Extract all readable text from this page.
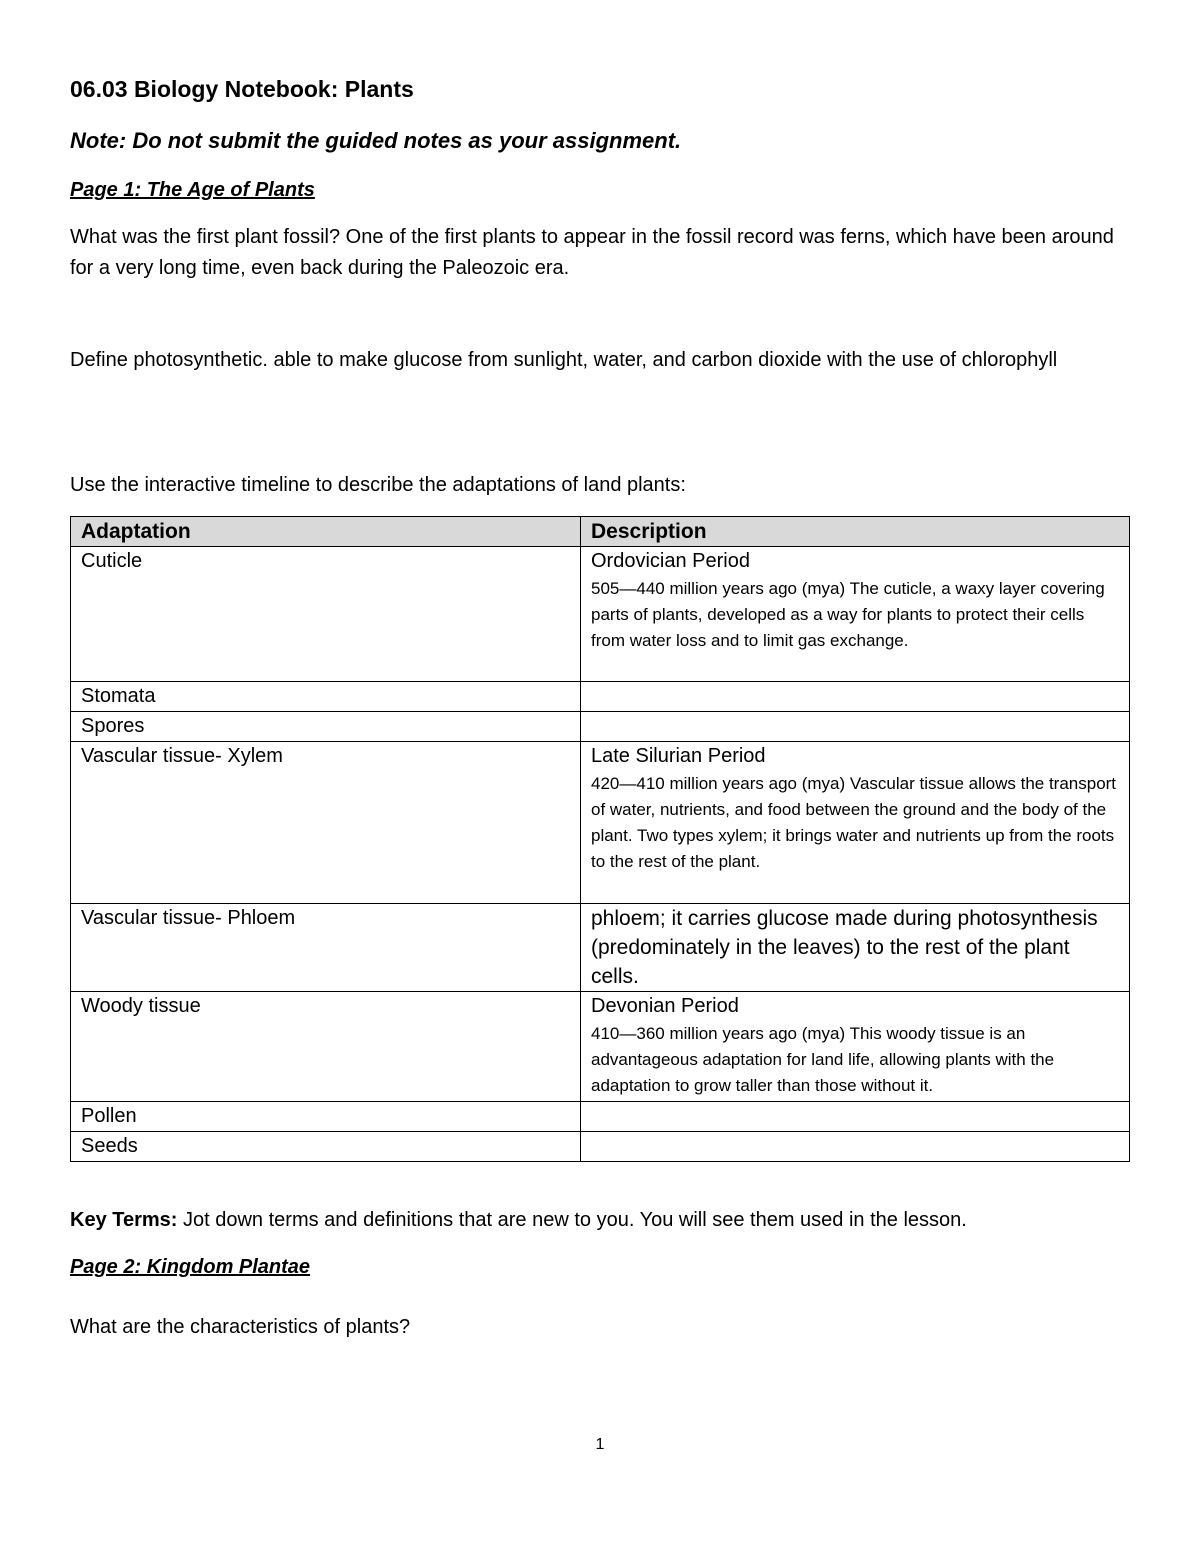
06.03 Biology Notebook: Plants

Note: Do not submit the guided notes as your assignment.

Page 1: The Age of Plants

What was the first plant fossil? One of the first plants to appear in the fossil record was ferns, which have been around for a very long time, even back during the Paleozoic era.

Define photosynthetic. able to make glucose from sunlight, water, and carbon dioxide with the use of chlorophyll

Use the interactive timeline to describe the adaptations of land plants:

Adaptation	Description
Cuticle	Ordovician Period
505—440 million years ago (mya) The cuticle, a waxy layer covering parts of plants, developed as a way for plants to protect their cells from water loss and to limit gas exchange.

Stomata	
Spores	
Vascular tissue- Xylem	Late Silurian Period
420—410 million years ago (mya) Vascular tissue allows the transport of water, nutrients, and food between the ground and the body of the plant. Two types xylem; it brings water and nutrients up from the roots to the rest of the plant.

Vascular tissue- Phloem	phloem; it carries glucose made during photosynthesis (predominately in the leaves) to the rest of the plant cells.

Woody tissue	Devonian Period
410—360 million years ago (mya) This woody tissue is an advantageous adaptation for land life, allowing plants with the adaptation to grow taller than those without it.

Pollen	
Seeds	

Key Terms: Jot down terms and definitions that are new to you. You will see them used in the lesson.

Page 2: Kingdom Plantae

What are the characteristics of plants?

1
